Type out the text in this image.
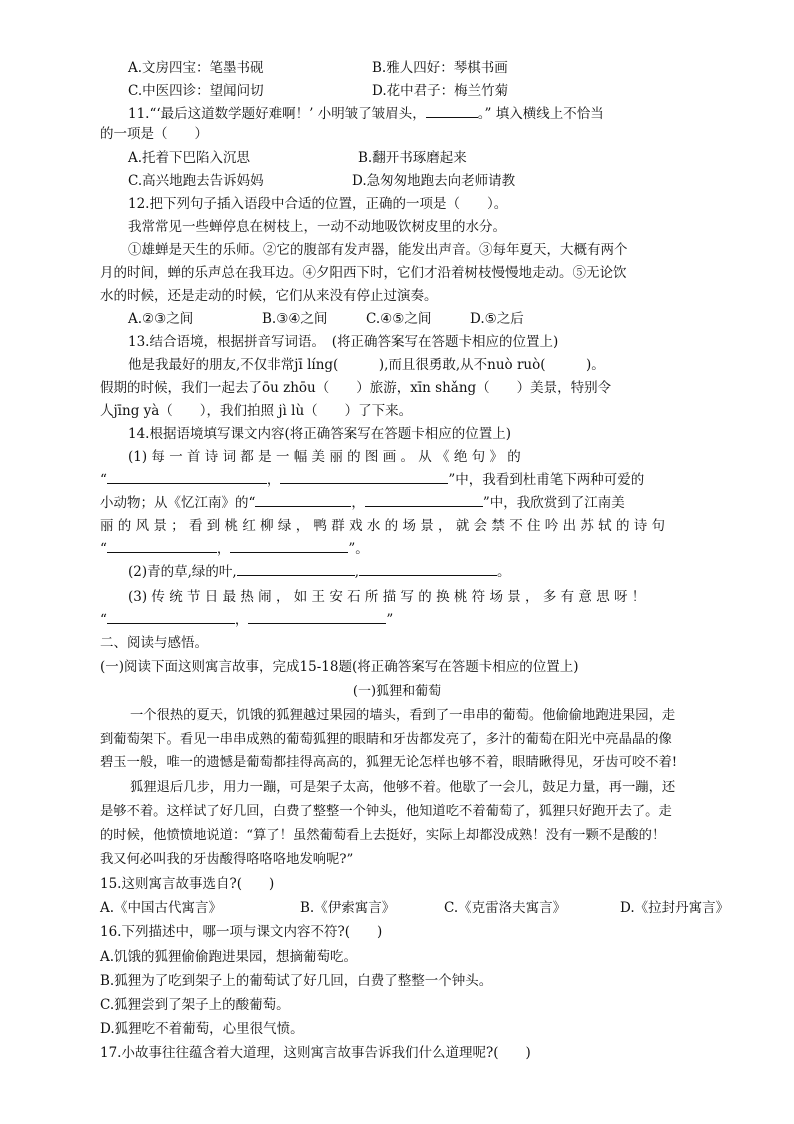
A.文房四宝：笔墨书砚	B.雅人四好：琴棋书画
C.中医四诊：望闻问切	D.花中君子：梅兰竹菊
11.“‘最后这道数学题好难啊！’ 小明皱了皱眉头，	。” 填入横线上不恰当
的一项是（　　）
A.托着下巴陷入沉思	B.翻开书琢磨起来
C.高兴地跑去告诉妈妈	D.急匆匆地跑去向老师请教
12.把下列句子插入语段中合适的位置，正确的一项是（　　）。
我常常见一些蝉停息在树枝上，一动不动地吸饮树皮里的水分。
①雄蝉是天生的乐师。②它的腹部有发声器，能发出声音。③每年夏天，大概有两个
月的时间，蝉的乐声总在我耳边。④夕阳西下时，它们才沿着树枝慢慢地走动。⑤无论饮
水的时候，还是走动的时候，它们从来没有停止过演奏。
A.②③之间	B.③④之间	C.④⑤之间	D.⑤之后
13.结合语境，根据拼音写词语。　(将正确答案写在答题卡相应的位置上)
他是我最好的朋友,不仅非常jī líng(　　　),而且很勇敢,从不nuò ruò(　　　)。
假期的时候，我们一起去了ōu zhōu（　　）旅游，xīn shǎng（　　）美景，特别令
人jīng yà（　　），我们拍照 jì lù（　　）了下来。
14.根据语境填写课文内容(将正确答案写在答题卡相应的位置上)
(1) 每 一 首 诗 词 都 是 一 幅 美 丽 的 图 画 。 从 《 绝 句 》 的
“	，	”中，我看到杜甫笔下两种可爱的
小动物；从《忆江南》的“	，	”中，我欣赏到了江南美
丽 的 风 景 ； 看 到 桃 红 柳 绿 ， 鸭 群 戏 水 的 场 景 ， 就 会 禁 不 住 吟 出 苏 轼 的 诗 句
“	，	”。
(2)青的草,绿的叶,	,	。
(3) 传 统 节 日 最 热 闹 ， 如 王 安 石 所 描 写 的 换 桃 符 场 景 ， 多 有 意 思 呀 ！
“	，	”
二、阅读与感悟。
(一)阅读下面这则寓言故事，完成15-18题(将正确答案写在答题卡相应的位置上)
(一)狐狸和葡萄
一个很热的夏天，饥饿的狐狸越过果园的墙头，看到了一串串的葡萄。他偷偷地跑进果园，走
到葡萄架下。看见一串串成熟的葡萄狐狸的眼睛和牙齿都发亮了，多汁的葡萄在阳光中亮晶晶的像
碧玉一般，唯一的遗憾是葡萄都挂得高高的，狐狸无论怎样也够不着，眼睛瞅得见，牙齿可咬不着!
狐狸退后几步，用力一蹦，可是架子太高，他够不着。他歇了一会儿，鼓足力量，再一蹦，还
是够不着。这样试了好几回，白费了整整一个钟头，他知道吃不着葡萄了，狐狸只好跑开去了。走
的时候，他愤愤地说道：“算了！虽然葡萄看上去挺好，实际上却都没成熟！没有一颗不是酸的！
我又何必叫我的牙齿酸得咯咯咯地发响呢?”
15.这则寓言故事选自?(　　)
A.《中国古代寓言》	B.《伊索寓言》	C.《克雷洛夫寓言》	D.《拉封丹寓言》
16.下列描述中，哪一项与课文内容不符?(　　)
A.饥饿的狐狸偷偷跑进果园，想摘葡萄吃。
B.狐狸为了吃到架子上的葡萄试了好几回，白费了整整一个钟头。
C.狐狸尝到了架子上的酸葡萄。
D.狐狸吃不着葡萄，心里很气愤。
17.小故事往往蕴含着大道理，这则寓言故事告诉我们什么道理呢?(　　)
